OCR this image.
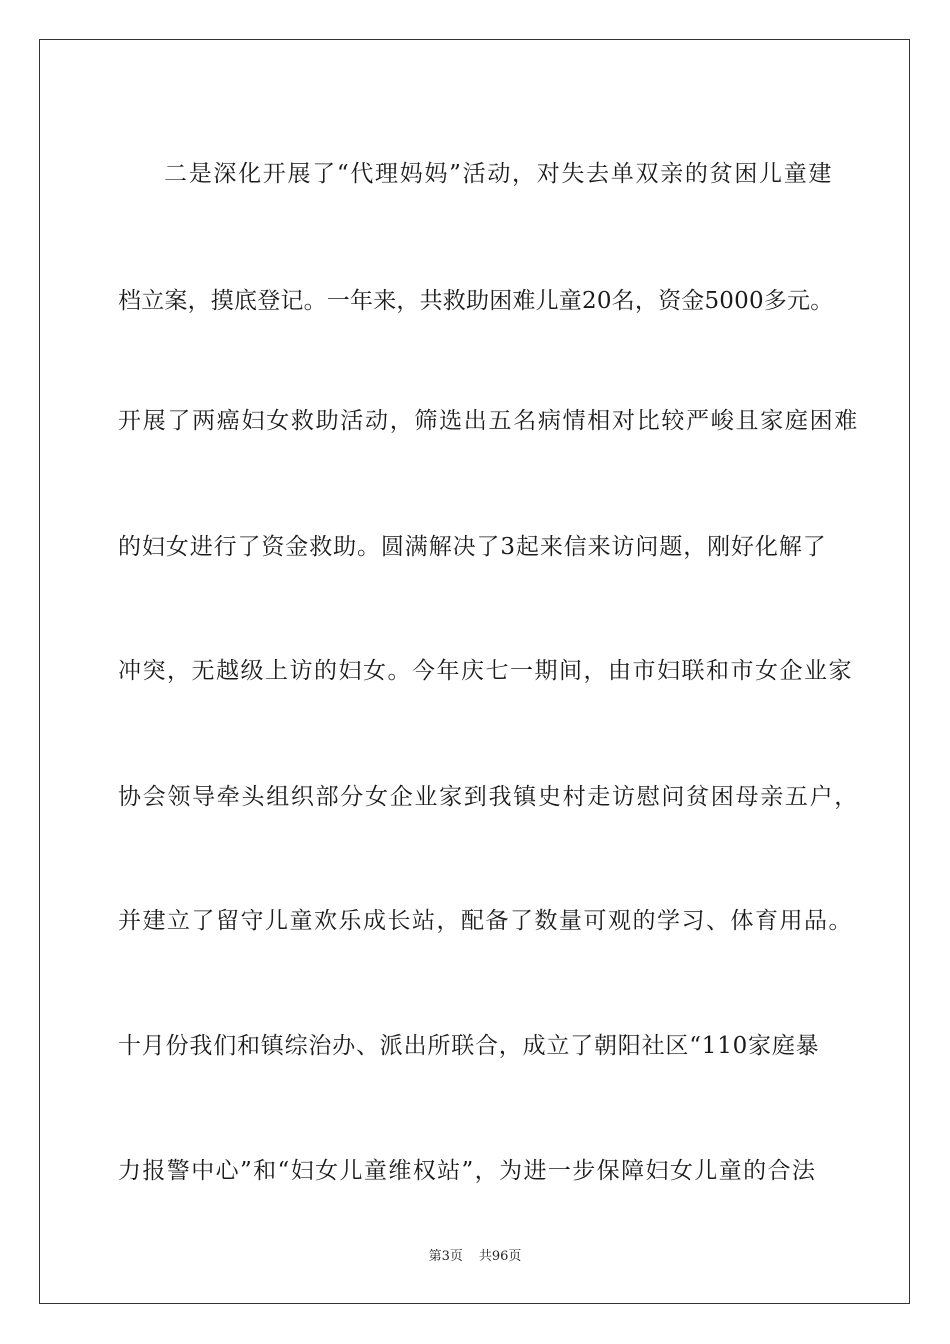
二是深化开展了“代理妈妈”活动，对失去单双亲的贫困儿童建

档立案，摸底登记。一年来，共救助困难儿童20名，资金5000多元。

开展了两癌妇女救助活动，筛选出五名病情相对比较严峻且家庭困难

的妇女进行了资金救助。圆满解决了3起来信来访问题，刚好化解了

冲突，无越级上访的妇女。今年庆七一期间，由市妇联和市女企业家

协会领导牵头组织部分女企业家到我镇史村走访慰问贫困母亲五户，

并建立了留守儿童欢乐成长站，配备了数量可观的学习、体育用品。

十月份我们和镇综治办、派出所联合，成立了朝阳社区“110家庭暴

力报警中心”和“妇女儿童维权站”，为进一步保障妇女儿童的合法

第3页 共96页
